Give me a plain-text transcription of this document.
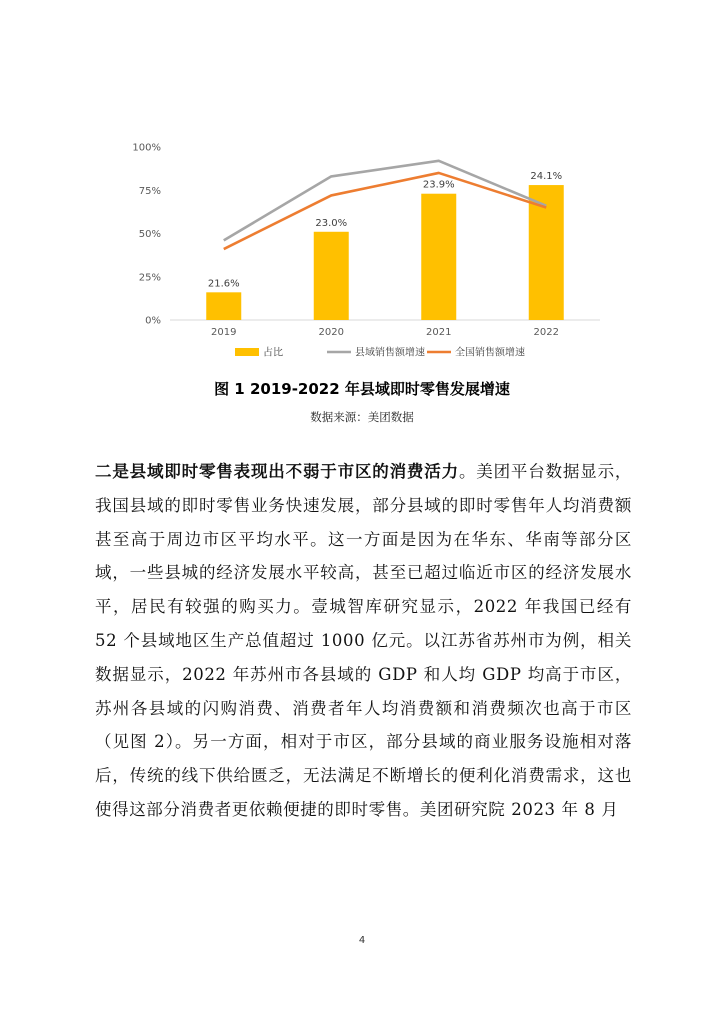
0%
25%
50%
75%
100%
21.6%
23.0%
23.9%
24.1%
2019	2020	2021	2022
占比	县域销售额增速	全国销售额增速
图 1 2019-2022 年县域即时零售发展增速
数据来源：美团数据
二是县域即时零售表现出不弱于市区的消费活力。美团平台数据显示，我国县域的即时零售业务快速发展，部分县域的即时零售年人均消费额甚至高于周边市区平均水平。这一方面是因为在华东、华南等部分区域，一些县城的经济发展水平较高，甚至已超过临近市区的经济发展水平，居民有较强的购买力。壹城智库研究显示，2022 年我国已经有 52 个县域地区生产总值超过 1000 亿元。以江苏省苏州市为例，相关数据显示，2022 年苏州市各县域的 GDP 和人均 GDP 均高于市区，苏州各县域的闪购消费、消费者年人均消费额和消费频次也高于市区（见图 2）。另一方面，相对于市区，部分县域的商业服务设施相对落后，传统的线下供给匮乏，无法满足不断增长的便利化消费需求，这也使得这部分消费者更依赖便捷的即时零售。美团研究院 2023 年 8 月
4
